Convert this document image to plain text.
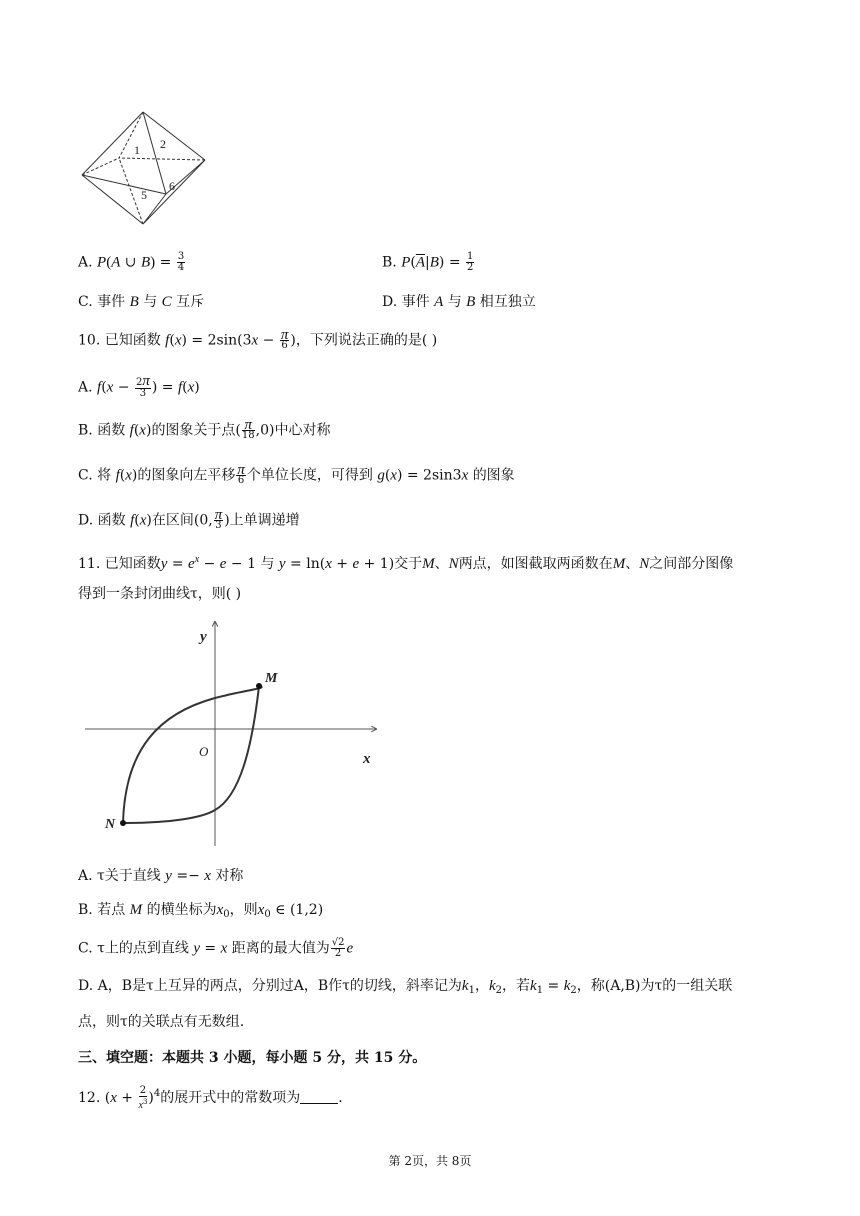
1 2
5
6
A. P(A ∪ $B) = \frac{3}{4}$	B. $P(\overline{A}|B) = \frac{1}{2}$
C. 事件 B 与 C 互斥	D. 事件 A 与 B 相互独立
10. 已知函数 $f(x) = 2\sin(3x - \frac{\pi}{6}$ )，下列说法正确的是( )
A. $f(x - \frac{2\pi}{3}$ ) = f(x)
B. 函数 f(x)的图象关于点( $\frac{\pi}{18} ,0$)中心对称
C. 将 f(x)的图象向左平移 $\frac{\pi}{6}$ 个单位长度，可得到 g(x) = 2sin3x 的图象
D. 函数 f(x)在区间(0, $\frac{\pi}{3}$ )上单调递增
11. 已知函数$y = e^x - e - 1$ 与 y = ln(x + e + 1)交于M、N两点，如图截取两函数在M、N之间部分图像
得到一条封闭曲线τ，则( )
y
x
O
M
N
A. τ关于直线 y =− x 对称
B. 若点 M 的横坐标为$x_0$，则$x_0$ ∈ (1,2)
C. τ上的点到直线 y = x 距离的最大值为 $\frac{√2}{2}$ e
D. A，B是τ上互异的两点，分别过A，B作τ的切线，斜率记为$k_1$，$k_2$，若$k_1 = k_2$，称(A,B)为τ的一组关联
点，则τ的关联点有无数组.
三、填空题：本题共 3 小题，每小题 5 分，共 15 分。
12. $(x + \frac{2}{x^3} )^4$的展开式中的常数项为	.
第 2页，共 8页
